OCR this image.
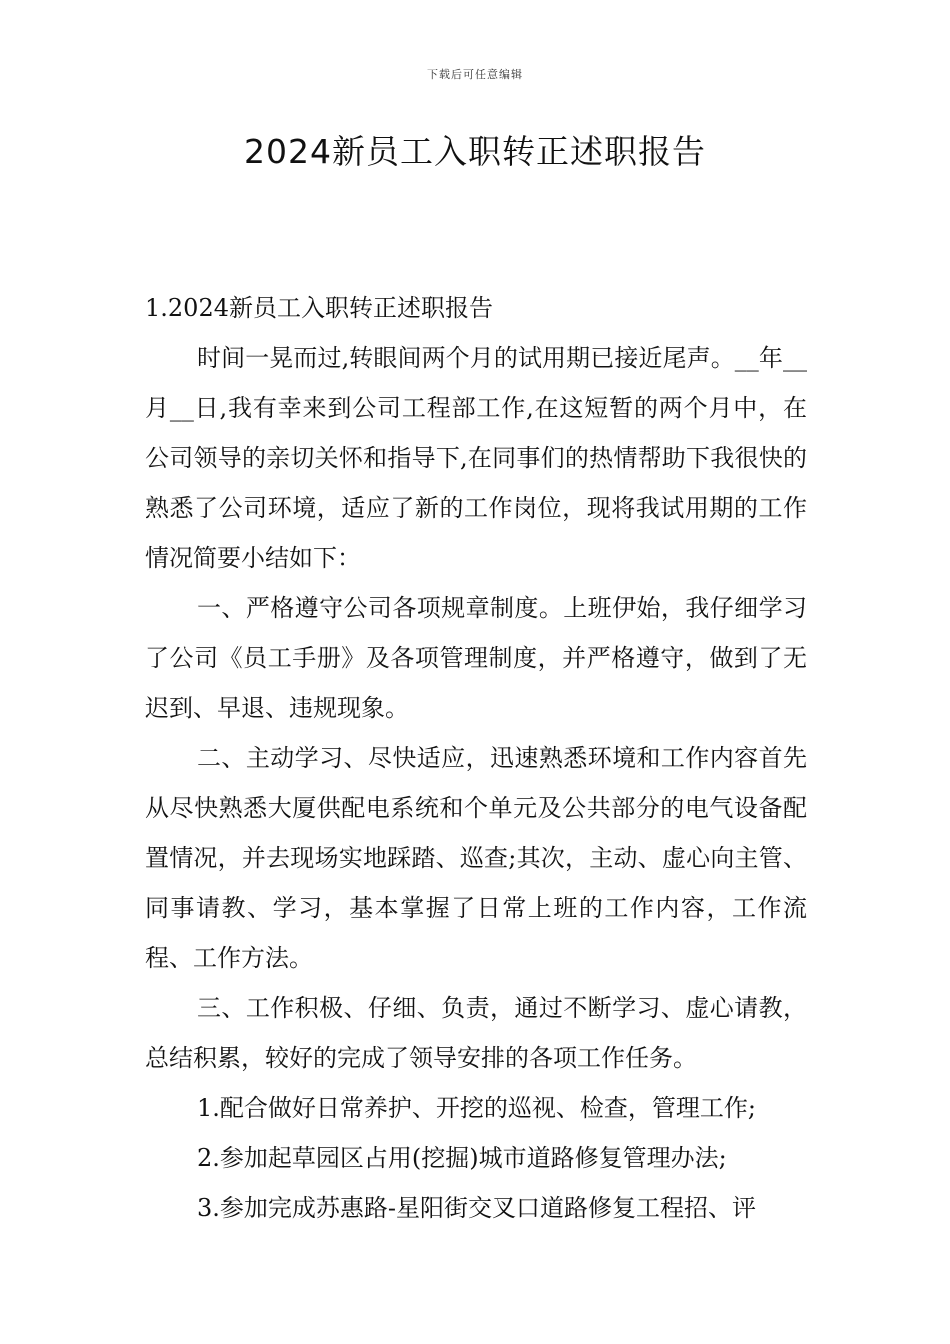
下载后可任意编辑
2024新员工入职转正述职报告

1.2024新员工入职转正述职报告

时间一晃而过,转眼间两个月的试用期已接近尾声。__年__月__日,我有幸来到公司工程部工作,在这短暂的两个月中，在公司领导的亲切关怀和指导下,在同事们的热情帮助下我很快的熟悉了公司环境，适应了新的工作岗位，现将我试用期的工作情况简要小结如下：

一、严格遵守公司各项规章制度。上班伊始，我仔细学习了公司《员工手册》及各项管理制度，并严格遵守，做到了无迟到、早退、违规现象。

二、主动学习、尽快适应，迅速熟悉环境和工作内容首先从尽快熟悉大厦供配电系统和个单元及公共部分的电气设备配置情况，并去现场实地踩踏、巡查;其次，主动、虚心向主管、同事请教、学习，基本掌握了日常上班的工作内容，工作流程、工作方法。

三、工作积极、仔细、负责，通过不断学习、虚心请教，总结积累，较好的完成了领导安排的各项工作任务。

1.配合做好日常养护、开挖的巡视、检查，管理工作;

2.参加起草园区占用(挖掘)城市道路修复管理办法;

3.参加完成苏惠路-星阳街交叉口道路修复工程招、评
